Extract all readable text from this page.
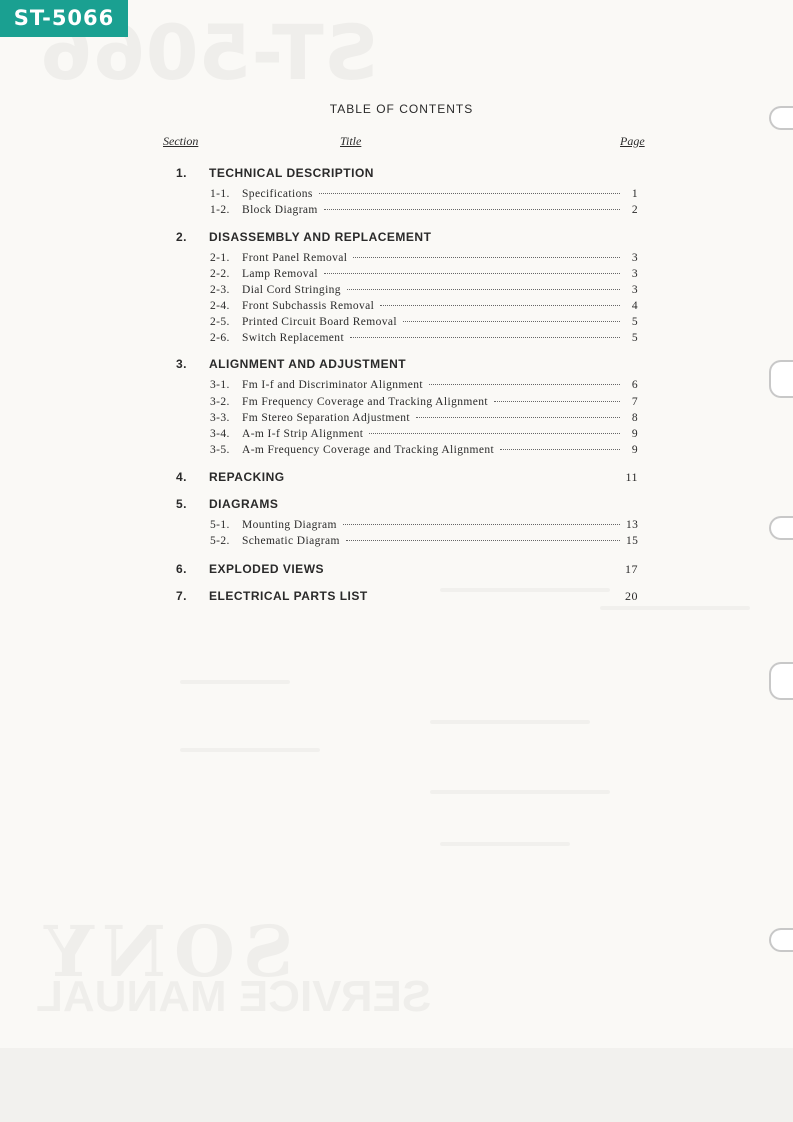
ST-5066
TABLE OF CONTENTS
Section	Title	Page
1. TECHNICAL DESCRIPTION
1-1.	Specifications	1
1-2.	Block Diagram	2
2. DISASSEMBLY AND REPLACEMENT
2-1.	Front Panel Removal	3
2-2.	Lamp Removal	3
2-3.	Dial Cord Stringing	3
2-4.	Front Subchassis Removal	4
2-5.	Printed Circuit Board Removal	5
2-6.	Switch Replacement	5
3. ALIGNMENT AND ADJUSTMENT
3-1.	Fm I-f and Discriminator Alignment	6
3-2.	Fm Frequency Coverage and Tracking Alignment	7
3-3.	Fm Stereo Separation Adjustment	8
3-4.	A-m I-f Strip Alignment	9
3-5.	A-m Frequency Coverage and Tracking Alignment	9
4. REPACKING	11
5. DIAGRAMS
5-1.	Mounting Diagram	13
5-2.	Schematic Diagram	15
6. EXPLODED VIEWS	17
7. ELECTRICAL PARTS LIST	20
